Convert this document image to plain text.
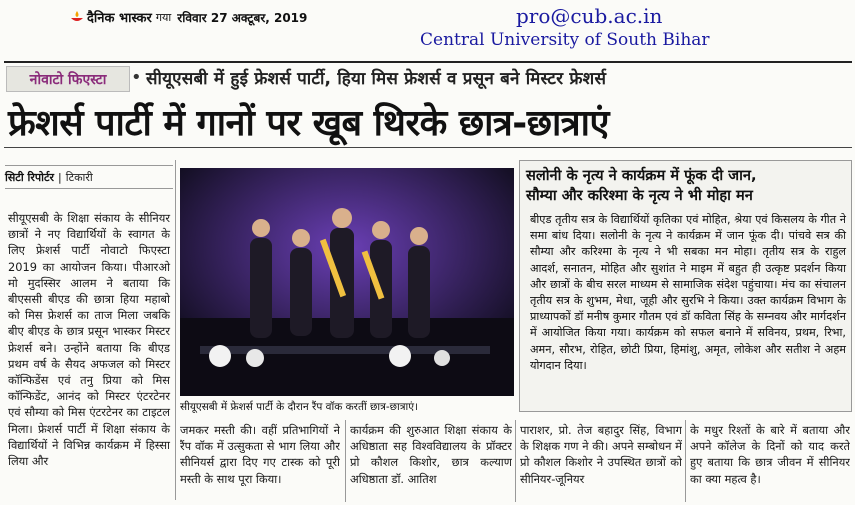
दैनिक भास्कर गया रविवार 27 अक्टूबर, 2019	pro@cub.ac.in
Central University of South Bihar
नोवाटो फिएस्टा	• सीयूएसबी में हुई फ्रेशर्स पार्टी, हिया मिस फ्रेशर्स व प्रसून बने मिस्टर फ्रेशर्स
फ्रेशर्स पार्टी में गानों पर खूब थिरके छात्र-छात्राएं
सिटी रिपोर्टर | टिकारी
सीयूएसबी के शिक्षा संकाय के सीनियर छात्रों ने नए विद्यार्थियों के स्वागत के लिए फ्रेशर्स पार्टी नोवाटो फिएस्टा 2019 का आयोजन किया। पीआरओ मो मुदस्सिर आलम ने बताया कि बीएससी बीएड की छात्रा हिया महाबो को मिस फ्रेशर्स का ताज मिला जबकि बीए बीएड के छात्र प्रसून भास्कर मिस्टर फ्रेशर्स बने। उन्होंने बताया कि बीएड प्रथम वर्ष के सैयद अफजल को मिस्टर कॉन्फिडेंस एवं तनु प्रिया को मिस कॉन्फिडेंट, आनंद को मिस्टर एंटरटेनर एवं सौम्या को मिस एंटरटेनर का टाइटल मिला। फ्रेशर्स पार्टी में शिक्षा संकाय के विद्यार्थियों ने विभिन्न कार्यक्रम में हिस्सा लिया और
सीयूएसबी में फ्रेशर्स पार्टी के दौरान रैंप वॉक करतीं छात्र-छात्राएं।
सलोनी के नृत्य ने कार्यक्रम में फूंक दी जान,
सौम्या और करिश्मा के नृत्य ने भी मोहा मन
बीएड तृतीय सत्र के विद्यार्थियों कृतिका एवं मोहित, श्रेया एवं किसलय के गीत ने समा बांध दिया। सलोनी के नृत्य ने कार्यक्रम में जान फूंक दी। पांचवे सत्र की सौम्या और करिश्मा के नृत्य ने भी सबका मन मोहा। तृतीय सत्र के राहुल आदर्श, सनातन, मोहित और सुशांत ने माइम में बहुत ही उत्कृष्ट प्रदर्शन किया और छात्रों के बीच सरल माध्यम से सामाजिक संदेश पहुंचाया। मंच का संचालन तृतीय सत्र के शुभम, मेधा, जूही और सुरभि ने किया। उक्त कार्यक्रम विभाग के प्राध्यापकों डॉ मनीष कुमार गौतम एवं डॉ कविता सिंह के सम्नवय और मार्गदर्शन में आयोजित किया गया। कार्यक्रम को सफल बनाने में सविनय, प्रथम, रिभा, अमन, सौरभ, रोहित, छोटी प्रिया, हिमांशु, अमृत, लोकेश और सतीश ने अहम योगदान दिया।
जमकर मस्ती की। वहीं प्रतिभागियों ने रैंप वॉक में उत्सुकता से भाग लिया और सीनियर्स द्वारा दिए गए टास्क को पूरी मस्ती के साथ पूरा किया।
कार्यक्रम की शुरुआत शिक्षा संकाय के अधिष्ठाता सह विश्वविद्यालय के प्रॉक्टर प्रो कौशल किशोर, छात्र कल्याण अधिष्ठाता डॉ. आतिश
पाराशर, प्रो. तेज बहादुर सिंह, विभाग के शिक्षक गण ने की। अपने सम्बोधन में प्रो कौशल किशोर ने उपस्थित छात्रों को सीनियर-जूनियर
के मधुर रिश्तों के बारे में बताया और अपने कॉलेज के दिनों को याद करते हुए बताया कि छात्र जीवन में सीनियर का क्या महत्व है।
